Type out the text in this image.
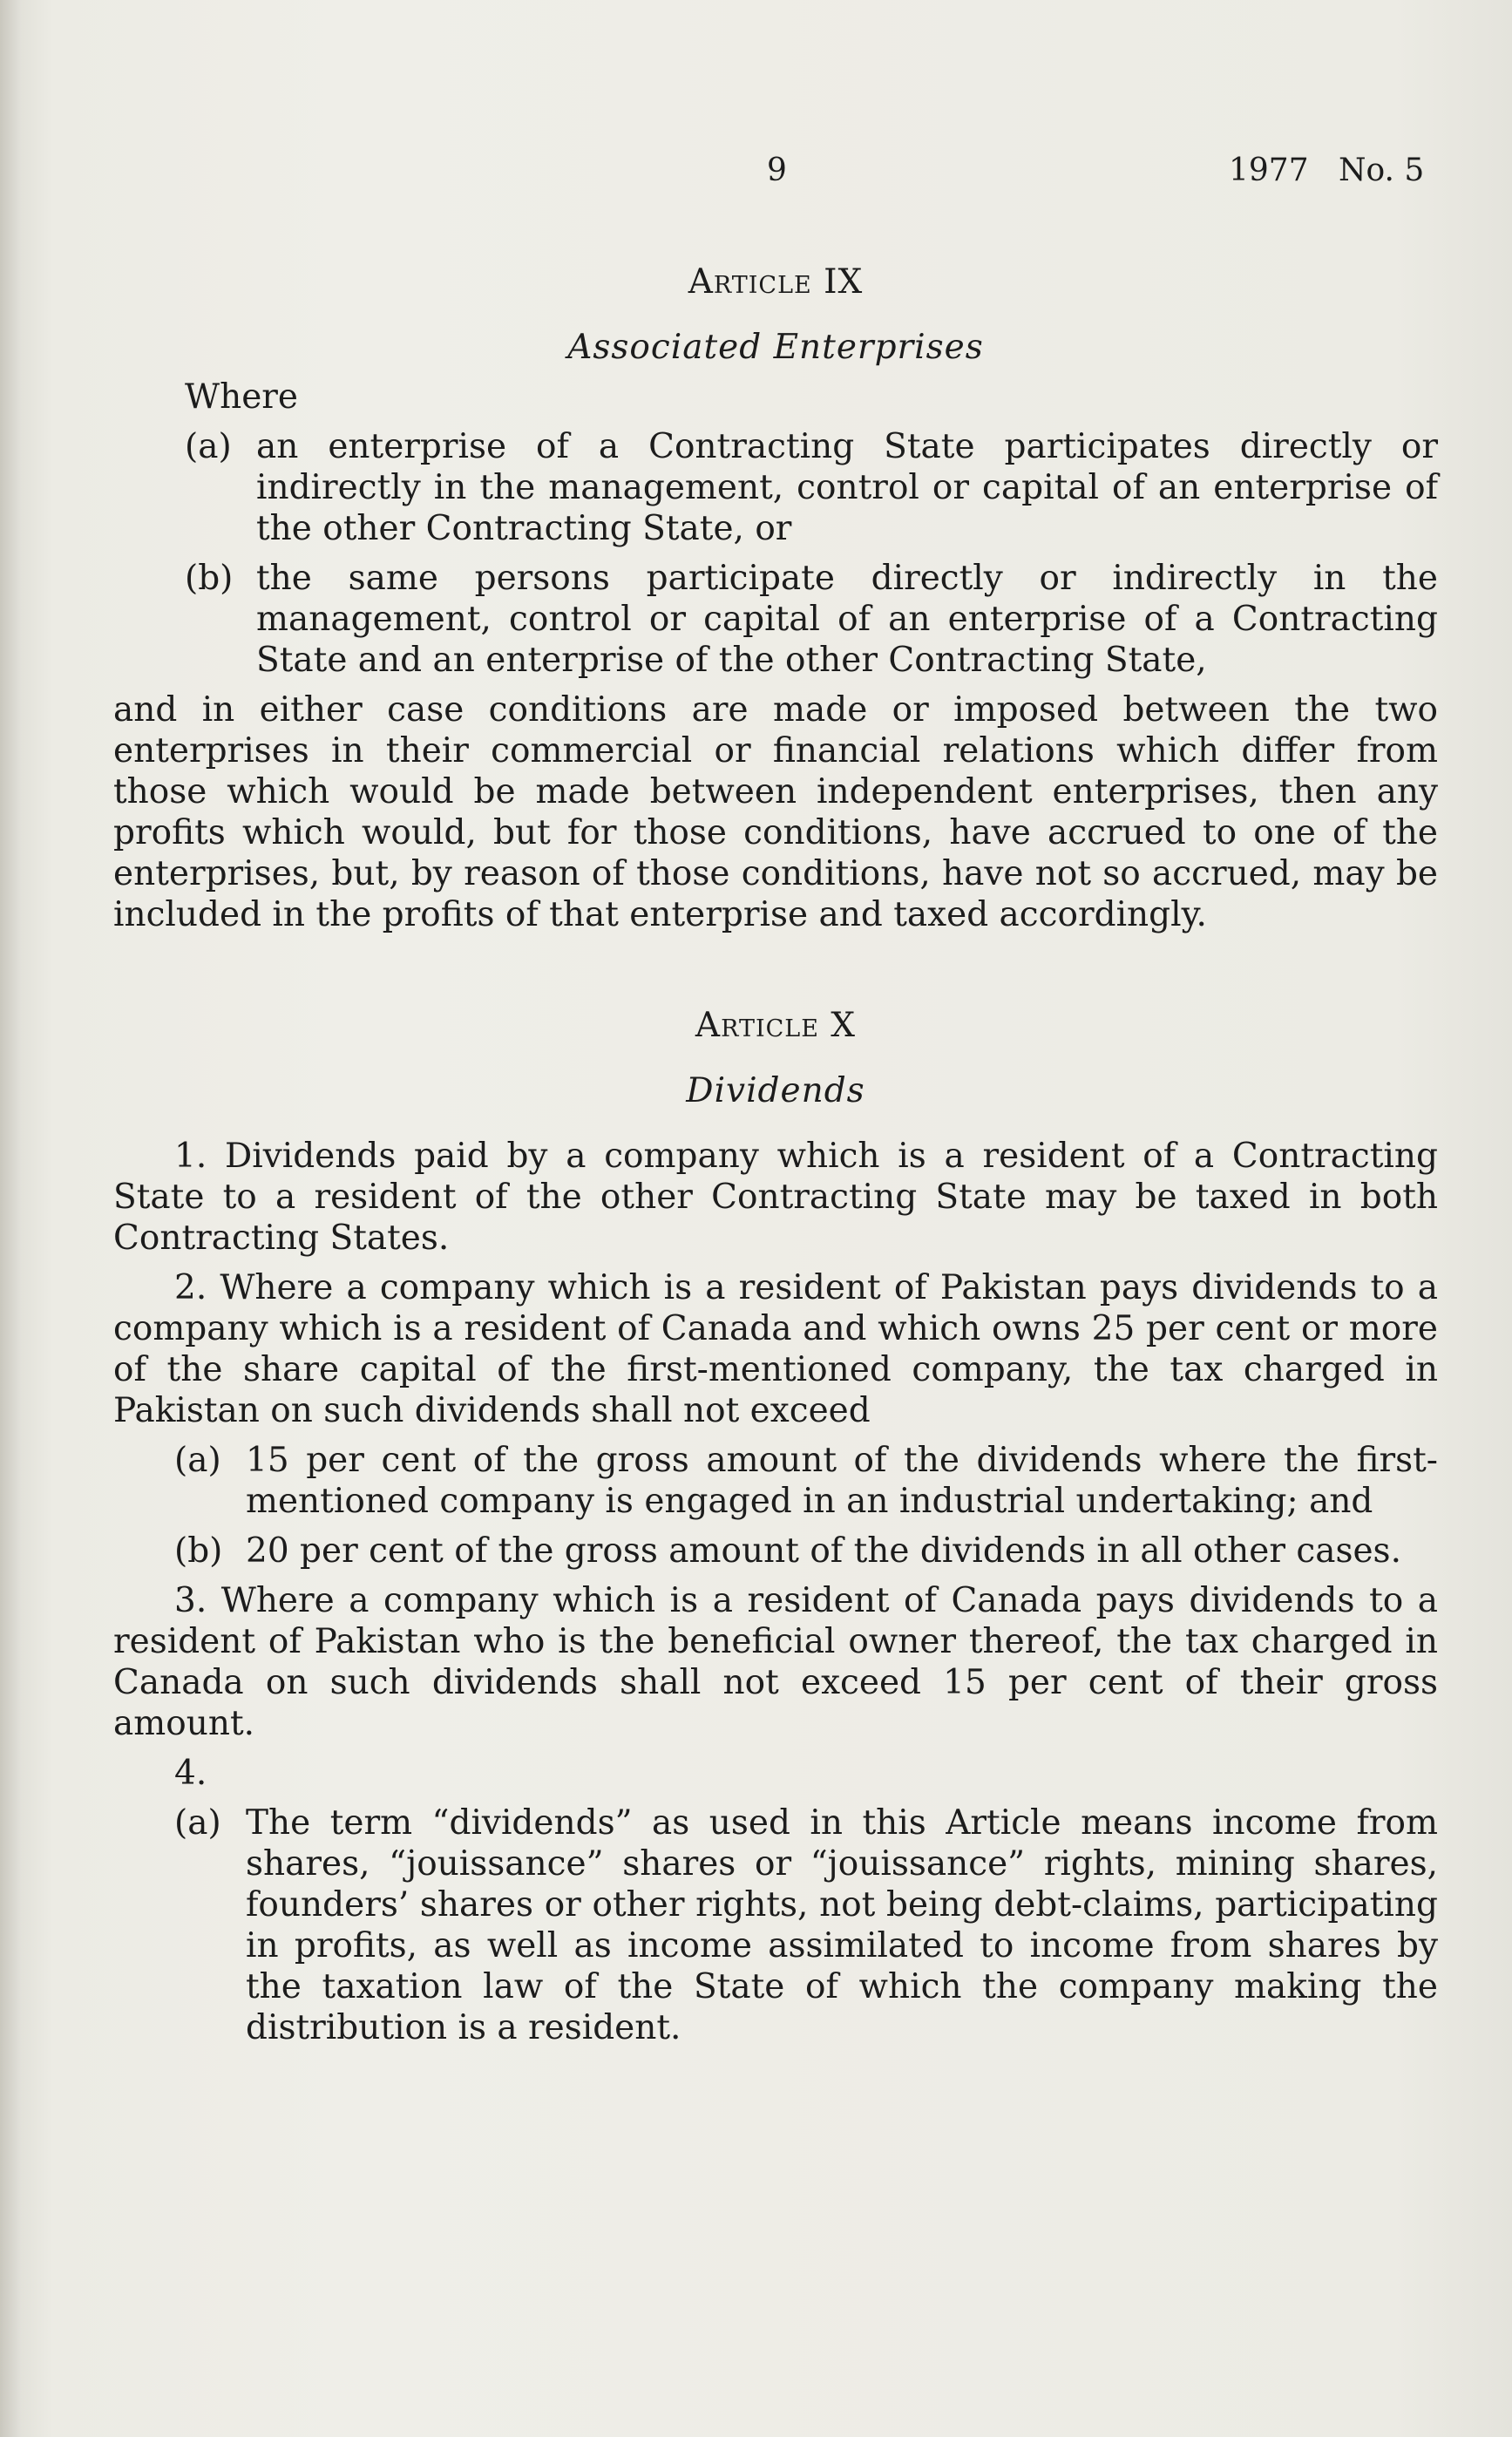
9	1977 No. 5
Article IX
Associated Enterprises

Where

(a) an enterprise of a Contracting State participates directly or indirectly in the management, control or capital of an enterprise of the other Contracting State, or
(b) the same persons participate directly or indirectly in the management, control or capital of an enterprise of a Contracting State and an enterprise of the other Contracting State,

and in either case conditions are made or imposed between the two enterprises in their commercial or financial relations which differ from those which would be made between independent enterprises, then any profits which would, but for those conditions, have accrued to one of the enterprises, but, by reason of those conditions, have not so accrued, may be included in the profits of that enterprise and taxed accordingly.

Article X
Dividends

1. Dividends paid by a company which is a resident of a Contracting State to a resident of the other Contracting State may be taxed in both Contracting States.

2. Where a company which is a resident of Pakistan pays dividends to a company which is a resident of Canada and which owns 25 per cent or more of the share capital of the first-mentioned company, the tax charged in Pakistan on such dividends shall not exceed

(a) 15 per cent of the gross amount of the dividends where the first-mentioned company is engaged in an industrial undertaking; and
(b) 20 per cent of the gross amount of the dividends in all other cases.

3. Where a company which is a resident of Canada pays dividends to a resident of Pakistan who is the beneficial owner thereof, the tax charged in Canada on such dividends shall not exceed 15 per cent of their gross amount.

4.

(a) The term “dividends” as used in this Article means income from shares, “jouissance” shares or “jouissance” rights, mining shares, founders’ shares or other rights, not being debt-claims, participating in profits, as well as income assimilated to income from shares by the taxation law of the State of which the company making the distribution is a resident.
